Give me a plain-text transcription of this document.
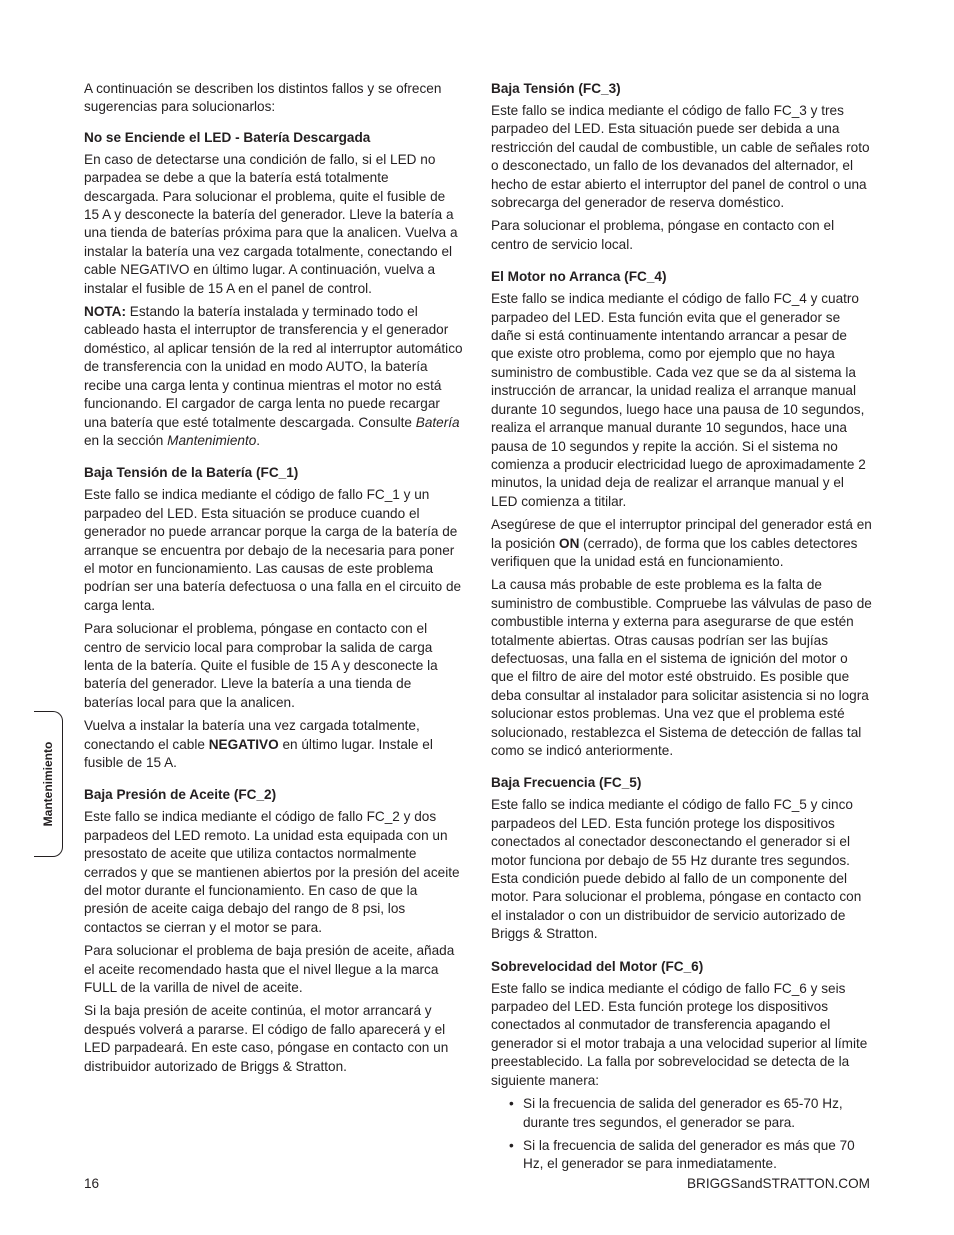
A continuación se describen los distintos fallos y se ofrecen sugerencias para solucionarlos:

No se Enciende el LED - Batería Descargada

En caso de detectarse una condición de fallo, si el LED no parpadea se debe a que la batería está totalmente descargada. Para solucionar el problema, quite el fusible de 15 A y desconecte la batería del generador. Lleve la batería a una tienda de baterías próxima para que la analicen. Vuelva a instalar la batería una vez cargada totalmente, conectando el cable NEGATIVO en último lugar. A continuación, vuelva a instalar el fusible de 15 A en el panel de control.

NOTA: Estando la batería instalada y terminado todo el cableado hasta el interruptor de transferencia y el generador doméstico, al aplicar tensión de la red al interruptor automático de transferencia con la unidad en modo AUTO, la batería recibe una carga lenta y continua mientras el motor no está funcionando. El cargador de carga lenta no puede recargar una batería que esté totalmente descargada. Consulte Batería en la sección Mantenimiento.

Baja Tensión de la Batería (FC_1)

Este fallo se indica mediante el código de fallo FC_1 y un parpadeo del LED. Esta situación se produce cuando el generador no puede arrancar porque la carga de la batería de arranque se encuentra por debajo de la necesaria para poner el motor en funcionamiento. Las causas de este problema podrían ser una batería defectuosa o una falla en el circuito de carga lenta.

Para solucionar el problema, póngase en contacto con el centro de servicio local para comprobar la salida de carga lenta de la batería. Quite el fusible de 15 A y desconecte la batería del generador. Lleve la batería a una tienda de baterías local para que la analicen.

Vuelva a instalar la batería una vez cargada totalmente, conectando el cable NEGATIVO en último lugar. Instale el fusible de 15 A.

Baja Presión de Aceite (FC_2)

Este fallo se indica mediante el código de fallo FC_2 y dos parpadeos del LED remoto. La unidad esta equipada con un presostato de aceite que utiliza contactos normalmente cerrados y que se mantienen abiertos por la presión del aceite del motor durante el funcionamiento. En caso de que la presión de aceite caiga debajo del rango de 8 psi, los contactos se cierran y el motor se para.

Para solucionar el problema de baja presión de aceite, añada el aceite recomendado hasta que el nivel llegue a la marca FULL de la varilla de nivel de aceite.

Si la baja presión de aceite continúa, el motor arrancará y después volverá a pararse. El código de fallo aparecerá y el LED parpadeará. En este caso, póngase en contacto con un distribuidor autorizado de Briggs & Stratton.

Baja Tensión (FC_3)

Este fallo se indica mediante el código de fallo FC_3 y tres parpadeo del LED. Esta situación puede ser debida a una restricción del caudal de combustible, un cable de señales roto o desconectado, un fallo de los devanados del alternador, el hecho de estar abierto el interruptor del panel de control o una sobrecarga del generador de reserva doméstico.

Para solucionar el problema, póngase en contacto con el centro de servicio local.

El Motor no Arranca (FC_4)

Este fallo se indica mediante el código de fallo FC_4 y cuatro parpadeo del LED. Esta función evita que el generador se dañe si está continuamente intentando arrancar a pesar de que existe otro problema, como por ejemplo que no haya suministro de combustible. Cada vez que se da al sistema la instrucción de arrancar, la unidad realiza el arranque manual durante 10 segundos, luego hace una pausa de 10 segundos, realiza el arranque manual durante 10 segundos, hace una pausa de 10 segundos y repite la acción. Si el sistema no comienza a producir electricidad luego de aproximadamente 2 minutos, la unidad deja de realizar el arranque manual y el LED comienza a titilar.

Asegúrese de que el interruptor principal del generador está en la posición ON (cerrado), de forma que los cables detectores verifiquen que la unidad está en funcionamiento.

La causa más probable de este problema es la falta de suministro de combustible. Compruebe las válvulas de paso de combustible interna y externa para asegurarse de que estén totalmente abiertas. Otras causas podrían ser las bujías defectuosas, una falla en el sistema de ignición del motor o que el filtro de aire del motor esté obstruido. Es posible que deba consultar al instalador para solicitar asistencia si no logra solucionar estos problemas. Una vez que el problema esté solucionado, restablezca el Sistema de detección de fallas tal como se indicó anteriormente.

Baja Frecuencia (FC_5)

Este fallo se indica mediante el código de fallo FC_5 y cinco parpadeos del LED. Esta función protege los dispositivos conectados al conectador desconectando el generador si el motor funciona por debajo de 55 Hz durante tres segundos. Esta condición puede debido al fallo de un componente del motor. Para solucionar el problema, póngase en contacto con el instalador o con un distribuidor de servicio autorizado de Briggs & Stratton.

Sobrevelocidad del Motor (FC_6)

Este fallo se indica mediante el código de fallo FC_6 y seis parpadeo del LED. Esta función protege los dispositivos conectados al conmutador de transferencia apagando el generador si el motor trabaja a una velocidad superior al límite preestablecido. La falla por sobrevelocidad se detecta de la siguiente manera:

• Si la frecuencia de salida del generador es 65-70 Hz, durante tres segundos, el generador se para.
• Si la frecuencia de salida del generador es más que 70 Hz, el generador se para inmediatamente.
Mantenimiento
16	BRIGGSandSTRATTON.COM
